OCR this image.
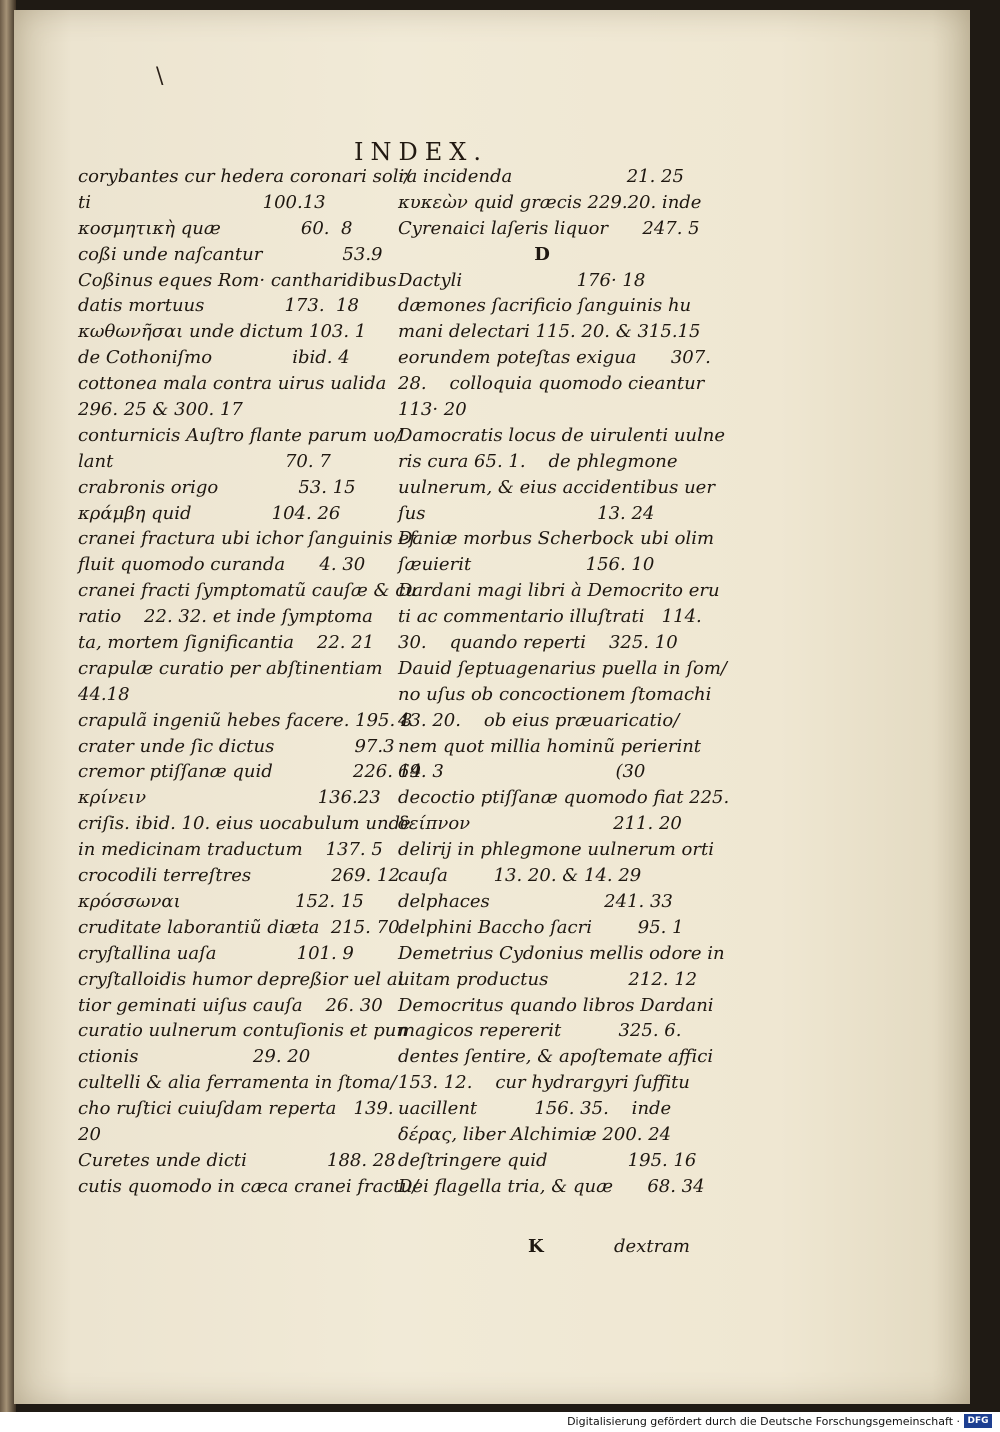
\
INDEX.
corybantes cur hedera coronari soli/
ti                              100.13
κοσμητικὴ quæ              60.  8
coßi unde naſcantur              53.9
Coßinus eques Rom· cantharidibus
datis mortuus              173.  18
κωθωνῆσαι unde dictum 103. 1
de Cothoniſmo              ibid. 4
cottonea mala contra uirus ualida
296. 25 & 300. 17
conturnicis Auſtro flante parum uo/
lant                              70. 7
crabronis origo              53. 15
κράμβη quid              104. 26
cranei fractura ubi ichor ſanguinis ef
fluit quomodo curanda      4. 30
cranei fracti ſymptomatũ cauſæ & cu
ratio    22. 32. et inde ſymptoma
ta, mortem ſignificantia    22. 21
crapulæ curatio per abſtinentiam
44.18
crapulã ingeniũ hebes facere. 195. 8
crater unde ſic dictus              97.3
cremor ptiſſanæ quid              226. 14
κρίνειν                              136.23
criſis. ibid. 10. eius uocabulum unde
in medicinam traductum    137. 5
crocodili terreſtres              269. 12
κρόσσωναι                    152. 15
cruditate laborantiũ diæta  215. 70
cryſtallina uaſa              101. 9
cryſtalloidis humor depreßior uel al
tior geminati uiſus cauſa    26. 30
curatio uulnerum contuſionis et pun
ctionis                    29. 20
cultelli & alia ferramenta in ſtoma/
cho ruſtici cuiuſdam reperta   139.
20
Curetes unde dicti              188. 28
cutis quomodo in cæca cranei fractu/
ra incidenda                    21. 25
κυκεὼν quid græcis 229.20. inde
Cyrenaici laſeris liquor      247. 5
D
Dactyli                    176· 18
dæmones ſacrificio ſanguinis hu
mani delectari 115. 20. & 315.15
eorundem poteſtas exigua      307.
28.    colloquia quomodo cieantur
113· 20
Damocratis locus de uirulenti uulne
ris cura 65. 1.    de phlegmone
uulnerum, & eius accidentibus uer
ſus                              13. 24
Daniæ morbus Scherbock ubi olim
ſæuierit                    156. 10
Dardani magi libri à Democrito eru
ti ac commentario illuſtrati   114.
30.    quando reperti    325. 10
Dauid ſeptuagenarius puella in ſom/
no uſus ob concoctionem ſtomachi
43. 20.    ob eius præuaricatio/
nem quot millia hominũ perierint
69. 3                              (30
decoctio ptiſſanæ quomodo fiat 225.
δείπνον                         211. 20
delirij in phlegmone uulnerum orti
cauſa        13. 20. & 14. 29
delphaces                    241. 33
delphini Baccho ſacri        95. 1
Demetrius Cydonius mellis odore in
uitam productus              212. 12
Democritus quando libros Dardani
magicos repererit          325. 6.
dentes ſentire, & apoſtemate affici
153. 12.    cur hydrargyri ſuffitu
uacillent          156. 35.    inde
δέρας, liber Alchimiæ 200. 24
deſtringere quid              195. 16
Dei flagella tria, & quæ      68. 34
K	dextram
Digitalisierung gefördert durch die Deutsche Forschungsgemeinschaft · DFG
